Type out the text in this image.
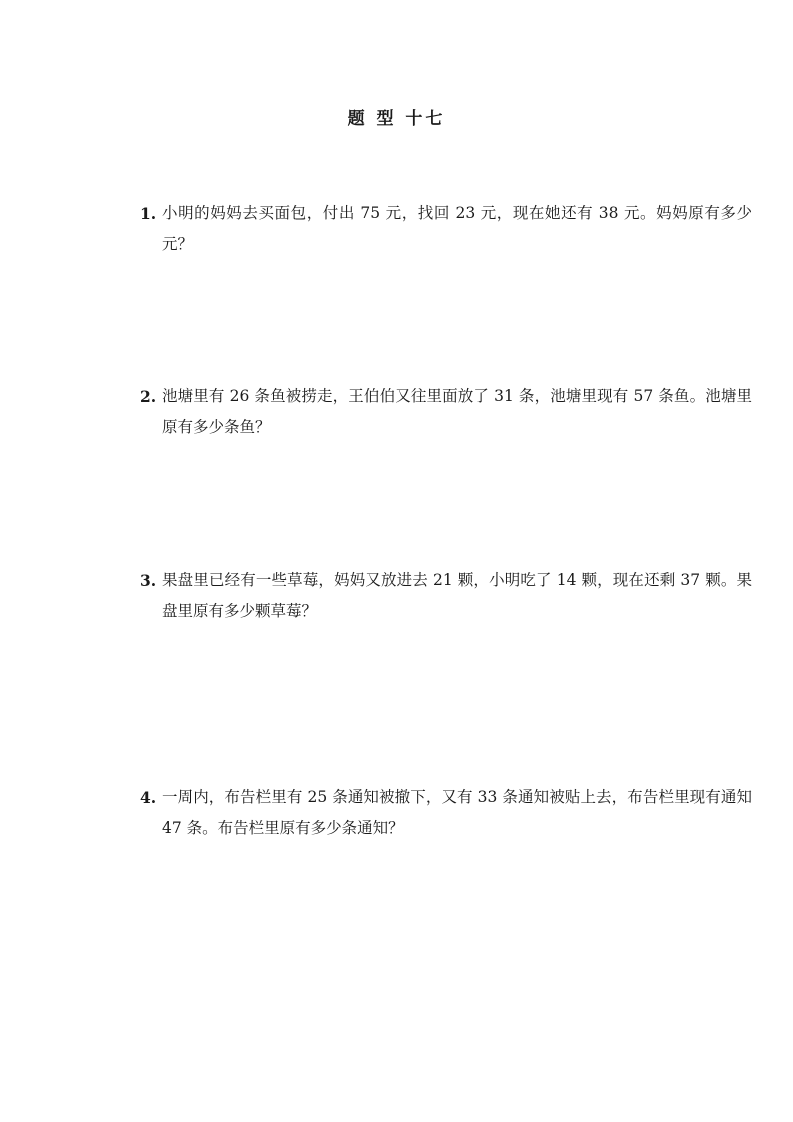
题 型 十七
1. 小明的妈妈去买面包，付出 75 元，找回 23 元，现在她还有 38 元。妈妈原有多少元？
2. 池塘里有 26 条鱼被捞走，王伯伯又往里面放了 31 条，池塘里现有 57 条鱼。池塘里原有多少条鱼？
3. 果盘里已经有一些草莓，妈妈又放进去 21 颗，小明吃了 14 颗，现在还剩 37 颗。果盘里原有多少颗草莓？
4. 一周内，布告栏里有 25 条通知被撤下，又有 33 条通知被贴上去，布告栏里现有通知 47 条。布告栏里原有多少条通知？
